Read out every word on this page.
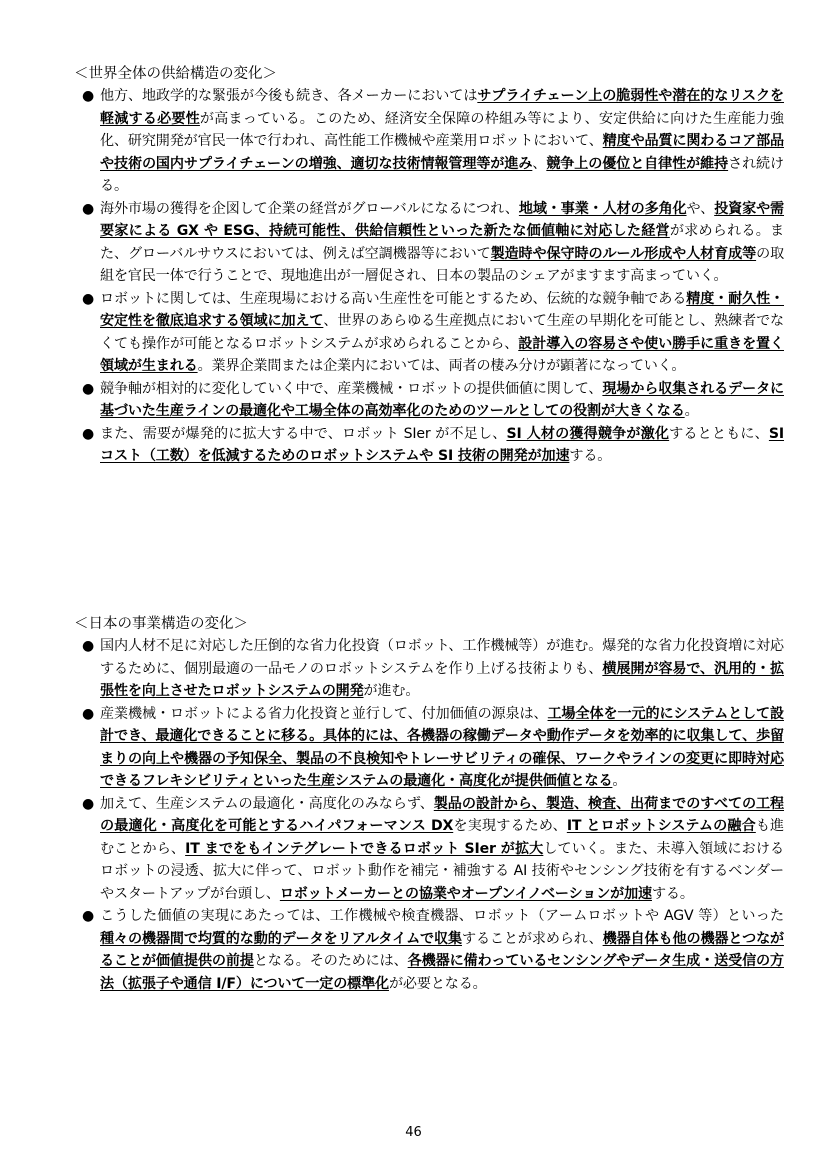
＜世界全体の供給構造の変化＞
● 他方、地政学的な緊張が今後も続き、各メーカーにおいてはサプライチェーン上の脆弱性や潜在的なリスクを軽減する必要性が高まっている。このため、経済安全保障の枠組み等により、安定供給に向けた生産能力強化、研究開発が官民一体で行われ、高性能工作機械や産業用ロボットにおいて、精度や品質に関わるコア部品や技術の国内サプライチェーンの増強、適切な技術情報管理等が進み、競争上の優位と自律性が維持され続ける。
● 海外市場の獲得を企図して企業の経営がグローバルになるにつれ、地域・事業・人材の多角化や、投資家や需要家による GX や ESG、持続可能性、供給信頼性といった新たな価値軸に対応した経営が求められる。また、グローバルサウスにおいては、例えば空調機器等において製造時や保守時のルール形成や人材育成等の取組を官民一体で行うことで、現地進出が一層促され、日本の製品のシェアがますます高まっていく。
● ロボットに関しては、生産現場における高い生産性を可能とするため、伝統的な競争軸である精度・耐久性・安定性を徹底追求する領域に加えて、世界のあらゆる生産拠点において生産の早期化を可能とし、熟練者でなくても操作が可能となるロボットシステムが求められることから、設計導入の容易さや使い勝手に重きを置く領域が生まれる。業界企業間または企業内においては、両者の棲み分けが顕著になっていく。
● 競争軸が相対的に変化していく中で、産業機械・ロボットの提供価値に関して、現場から収集されるデータに基づいた生産ラインの最適化や工場全体の高効率化のためのツールとしての役割が大きくなる。
● また、需要が爆発的に拡大する中で、ロボット SIer が不足し、SI 人材の獲得競争が激化するとともに、SI コスト（工数）を低減するためのロボットシステムや SI 技術の開発が加速する。
＜日本の事業構造の変化＞
● 国内人材不足に対応した圧倒的な省力化投資（ロボット、工作機械等）が進む。爆発的な省力化投資増に対応するために、個別最適の一品モノのロボットシステムを作り上げる技術よりも、横展開が容易で、汎用的・拡張性を向上させたロボットシステムの開発が進む。
● 産業機械・ロボットによる省力化投資と並行して、付加価値の源泉は、工場全体を一元的にシステムとして設計でき、最適化できることに移る。具体的には、各機器の稼働データや動作データを効率的に収集して、歩留まりの向上や機器の予知保全、製品の不良検知やトレーサビリティの確保、ワークやラインの変更に即時対応できるフレキシビリティといった生産システムの最適化・高度化が提供価値となる。
● 加えて、生産システムの最適化・高度化のみならず、製品の設計から、製造、検査、出荷までのすべての工程の最適化・高度化を可能とするハイパフォーマンス DXを実現するため、IT とロボットシステムの融合も進むことから、IT までをもインテグレートできるロボット SIer が拡大していく。また、未導入領域におけるロボットの浸透、拡大に伴って、ロボット動作を補完・補強する AI 技術やセンシング技術を有するベンダーやスタートアップが台頭し、ロボットメーカーとの協業やオープンイノベーションが加速する。
● こうした価値の実現にあたっては、工作機械や検査機器、ロボット（アームロボットや AGV 等）といった種々の機器間で均質的な動的データをリアルタイムで収集することが求められ、機器自体も他の機器とつながることが価値提供の前提となる。そのためには、各機器に備わっているセンシングやデータ生成・送受信の方法（拡張子や通信 I/F）について一定の標準化が必要となる。
46
